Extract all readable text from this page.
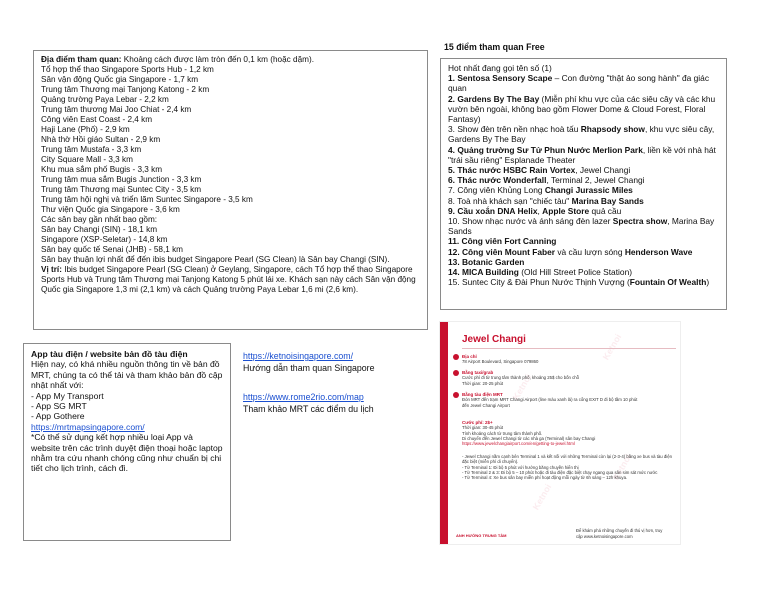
Địa điểm tham quan: Khoảng cách được làm tròn đến 0,1 km (hoặc dặm).
Tổ hợp thể thao Singapore Sports Hub - 1,2 km
Sân vận động Quốc gia Singapore - 1,7 km
Trung tâm Thương mại Tanjong Katong - 2 km
Quảng trường Paya Lebar - 2,2 km
Trung tâm thương Mai Joo Chiat - 2,4 km
Công viên East Coast - 2,4 km
Haji Lane (Phố) - 2,9 km
Nhà thờ Hồi giáo Sultan - 2,9 km
Trung tâm Mustafa - 3,3 km
City Square Mall - 3,3 km
Khu mua sắm phố Bugis - 3,3 km
Trung tâm mua sắm Bugis Junction - 3,3 km
Trung tâm Thương mại Suntec City - 3,5 km
Trung tâm hội nghị và triển lãm Suntec Singapore - 3,5 km
Thư viện Quốc gia Singapore - 3,6 km
Các sân bay gần nhất bao gồm:
Sân bay Changi (SIN) - 18,1 km
Singapore (XSP-Seletar) - 14,8 km
Sân bay quốc tế Senai (JHB) - 58,1 km
Sân bay thuận lợi nhất để đến ibis budget Singapore Pearl (SG Clean) là Sân bay Changi (SIN).
Vị trí: Ibis budget Singapore Pearl (SG Clean) ở Geylang, Singapore, cách Tổ hợp thể thao Singapore Sports Hub và Trung tâm Thương mại Tanjong Katong 5 phút lái xe. Khách sạn này cách Sân vận động Quốc gia Singapore 1,3 mi (2,1 km) và cách Quảng trường Paya Lebar 1,6 mi (2,6 km).
15 điểm tham quan Free
Hot nhất đang gọi tên số (1)
1. Sentosa Sensory Scape – Con đường "thật ảo song hành" đa giác quan
2. Gardens By The Bay (Miễn phí khu vực của các siêu cây và các khu vườn bên ngoài, không bao gồm Flower Dome & Cloud Forest, Floral Fantasy)
3. Show đèn trên nền nhạc hoà tấu Rhapsody show, khu vực siêu cây, Gardens By The Bay
4. Quảng trường Sư Tử Phun Nước Merlion Park, liền kề với nhà hát "trái sầu riêng" Esplanade Theater
5. Thác nước HSBC Rain Vortex, Jewel Changi
6. Thác nước Wonderfall, Terminal 2, Jewel Changi
7. Công viên Khủng Long Changi Jurassic Miles
8. Toà nhà khách sạn "chiếc tàu" Marina Bay Sands
9. Cầu xoắn DNA Helix, Apple Store quả cầu
10. Show nhạc nước và ánh sáng đèn lazer Spectra show, Marina Bay Sands
11. Công viên Fort Canning
12. Công viên Mount Faber và cầu lượn sóng Henderson Wave
13. Botanic Garden
14. MICA Building (Old Hill Street Police Station)
15. Suntec City & Đài Phun Nước Thịnh Vượng (Fountain Of Wealth)
App tàu điện / website bản đồ tàu điện
Hiện nay, có khá nhiều nguồn thông tin về bản đồ MRT, chúng ta có thể tải và tham khảo bản đồ cập nhật nhất với:
- App My Transport
- App SG MRT
- App Gothere
https://mrtmapsingapore.com/
*Có thể sử dụng kết hợp nhiều loại App và website trên các trình duyệt điện thoại hoặc laptop nhằm tra cứu nhanh chóng cũng như chuẩn bị chi tiết cho lịch trình, cách đi.
https://ketnoisingapore.com/
Hướng dẫn tham quan Singapore
https://www.rome2rio.com/map
Tham khảo MRT các điểm du lịch
Ketnoi
Ketnoi
Ketnoi
Ketnoi
Jewel Changi
Địa chỉ
78 Airport Boulevard, Singapore 079860
Bằng taxi/grab
Cước phí đi từ trung tâm thành phố, khoảng 25$ cho bốn chỗ
Thời gian: 20-25 phút
Bằng tàu điện MRT
Đón MRT đến trạm MRT Changi Airport (line màu xanh lá) ra cổng EXIT D đi bộ tầm 10 phút
đến Jewel Changi Airport
Cước phí: 2$+
Thời gian: 30-45 phút
Tính khoảng cách từ trung tâm thành phố.
Di chuyển đến Jewel Changi từ các nhà ga (Terminal) sân bay Changi
https://www.jewelchangiairport.com/en/getting-to-jewel.html
- Jewel Changi nằm cạnh bên Terminal 1 và kết nối với những Terminal còn lại (2-3-4) bằng xe bus và tàu điện đặc biệt (miễn phí di chuyển).
- Từ Terminal 1: Đi bộ 5 phút với hướng băng chuyền hiển thị
- Từ Terminal 2 & 3: Đi bộ 5 – 10 phút hoặc đi tàu điện đặc biệt chạy ngang qua sân sim sát mức nước
- Từ Terminal 4: Xe bus sân bay miễn phí hoạt động mỗi ngày từ 6h sáng – 12h khuya.
ANH HƯỚNG TRUNG TÂM
Để khám phá những chuyến đi thú vị hơn, truy cập www.ketnoisingapore.com
